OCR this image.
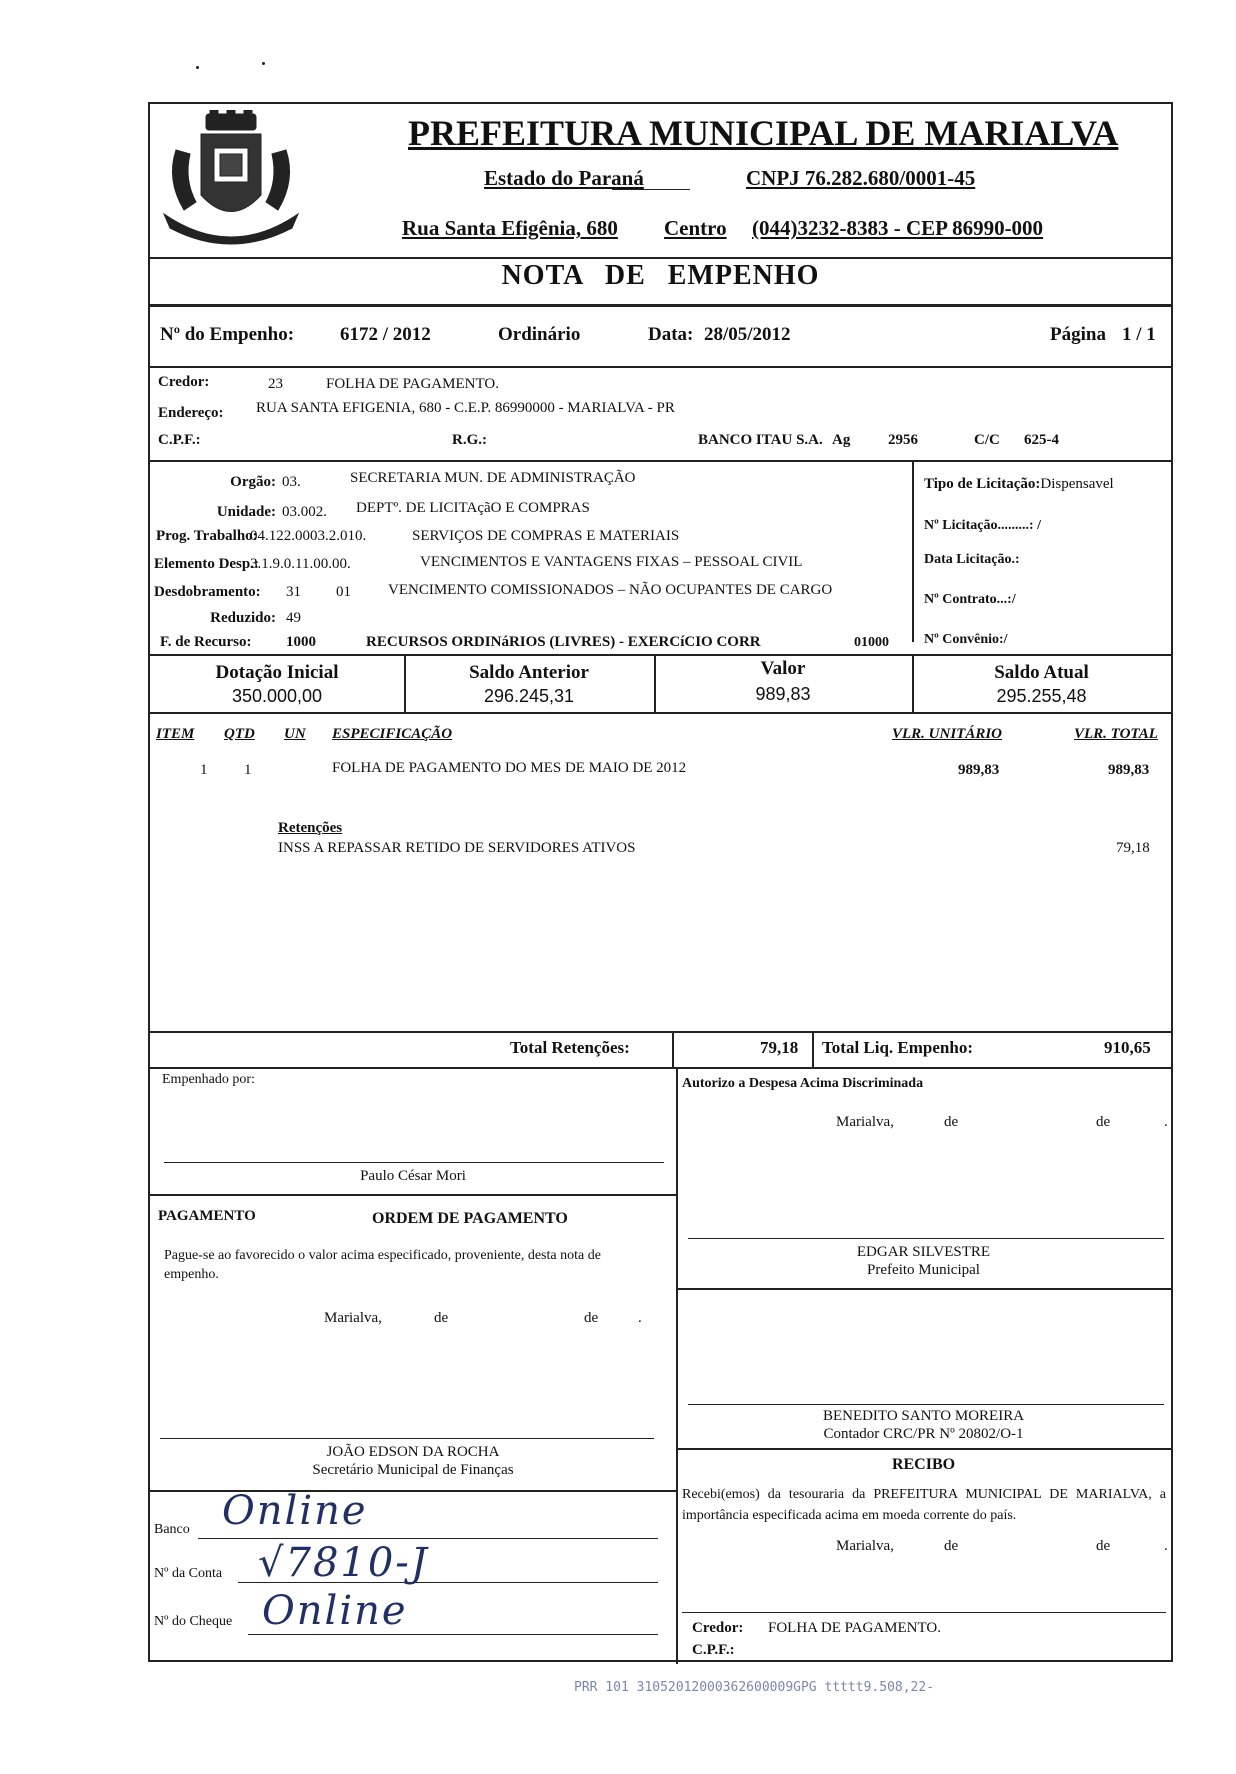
MARIALVA
PREFEITURA MUNICIPAL DE MARIALVA
Estado do Paraná	CNPJ 76.282.680/0001-45
Rua Santa Efigênia, 680 Centro (044)3232-8383 - CEP 86990-000
NOTA DE EMPENHO
Nº do Empenho: 6172 / 2012	Ordinário	Data: 28/05/2012	Página 1 / 1
Credor:	23	FOLHA DE PAGAMENTO.
Endereço: RUA SANTA EFIGENIA, 680 - C.E.P. 86990000 - MARIALVA - PR
C.P.F.:	R.G.:	BANCO ITAU S.A. Ag	2956	C/C 625-4
Orgão: 03.	SECRETARIA MUN. DE ADMINISTRAÇÃO
Unidade: 03.002. DEPTº. DE LICITAçãO E COMPRAS
Prog. Trabalho:
04.122.0003.2.010.	SERVIÇOS DE COMPRAS E MATERIAIS
Elemento Desp.:
3.1.9.0.11.00.00.	VENCIMENTOS E VANTAGENS FIXAS – PESSOAL CIVIL
Desdobramento: 31 01 VENCIMENTO COMISSIONADOS – NÃO OCUPANTES DE CARGO
Reduzido: 49
F. de Recurso: 1000	RECURSOS ORDINáRIOS (LIVRES) - EXERCíCIO CORR	01000
Tipo de Licitação:Dispensavel
Nº Licitação.........: /
Data Licitação.:
Nº Contrato...:/
Nº Convênio:/
Dotação Inicial
350.000,00
Saldo Anterior
296.245,31
Valor
989,83
Saldo Atual
295.255,48
ITEM QTD UN ESPECIFICAÇÃO	VLR. UNITÁRIO	VLR. TOTAL
1 1	FOLHA DE PAGAMENTO DO MES DE MAIO DE 2012	989,83	989,83
Retenções
INSS A REPASSAR RETIDO DE SERVIDORES ATIVOS	79,18
Total Retenções:	79,18 Total Liq. Empenho:	910,65
Empenhado por:
Paulo César Mori
PAGAMENTO	ORDEM DE PAGAMENTO
Pague-se ao favorecido o valor acima especificado, proveniente, desta nota de empenho.
Marialva,	de	de	.
JOÃO EDSON DA ROCHA
Secretário Municipal de Finanças
Banco Online
Nº da Conta √7810-J
Nº do Cheque Online
Autorizo a Despesa Acima Discriminada
Marialva,	de	de	.
EDGAR SILVESTRE
Prefeito Municipal
BENEDITO SANTO MOREIRA
Contador CRC/PR Nº 20802/O-1
RECIBO
Recebi(emos) da tesouraria da PREFEITURA MUNICIPAL DE MARIALVA, a importância especificada acima em moeda corrente do país.
Marialva,	de	de	.
Credor: FOLHA DE PAGAMENTO.
C.P.F.:
PRR 101 31052012000362600009GPG ttttt9.508,22-
